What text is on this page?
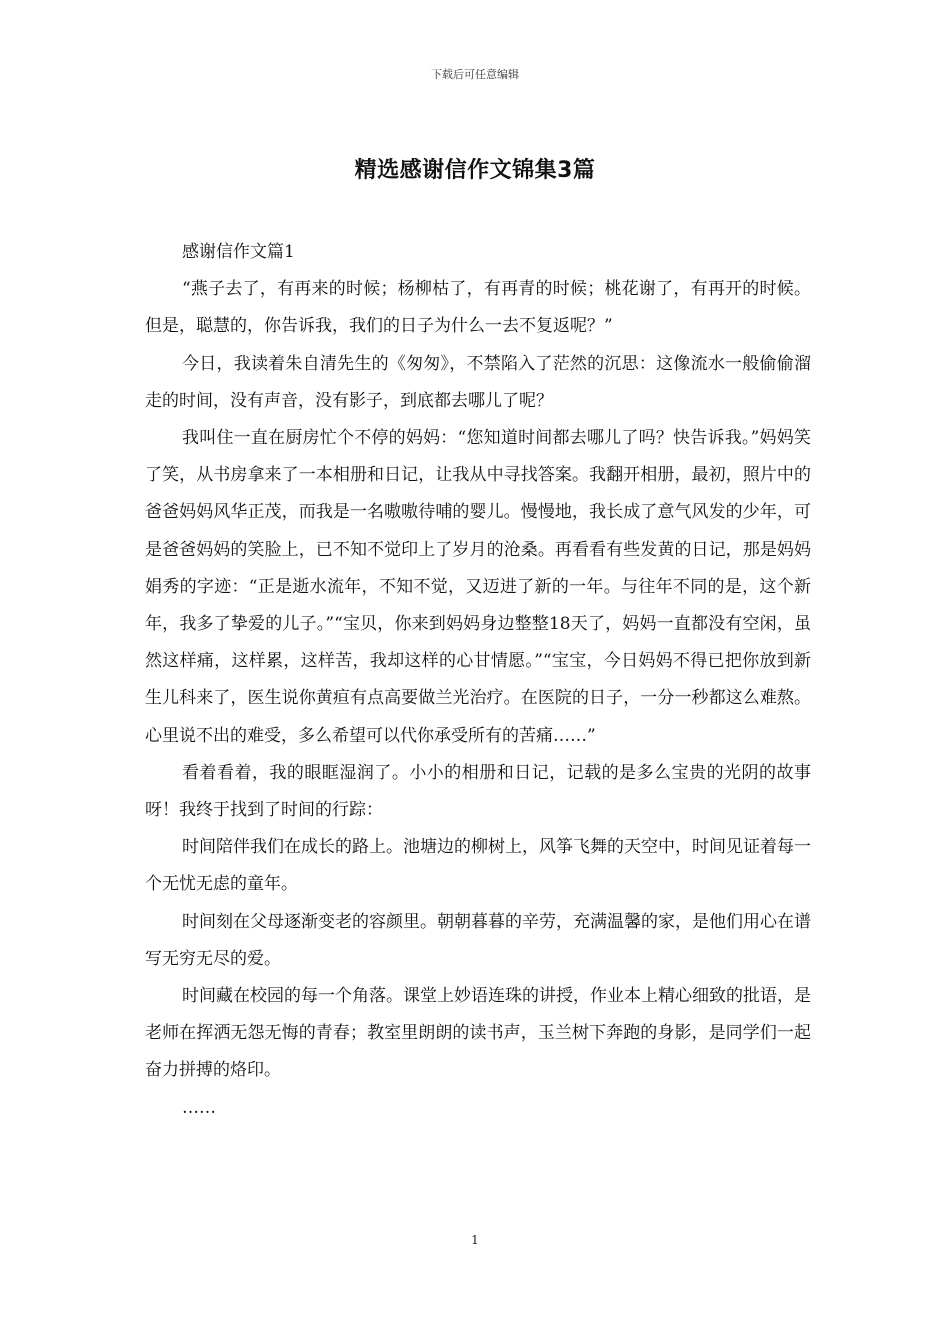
下载后可任意编辑
精选感谢信作文锦集3篇

感谢信作文篇1

“燕子去了，有再来的时候；杨柳枯了，有再青的时候；桃花谢了，有再开的时候。但是，聪慧的，你告诉我，我们的日子为什么一去不复返呢？”

今日，我读着朱自清先生的《匆匆》，不禁陷入了茫然的沉思：这像流水一般偷偷溜走的时间，没有声音，没有影子，到底都去哪儿了呢？

我叫住一直在厨房忙个不停的妈妈：“您知道时间都去哪儿了吗？快告诉我。”妈妈笑了笑，从书房拿来了一本相册和日记，让我从中寻找答案。我翻开相册，最初，照片中的爸爸妈妈风华正茂，而我是一名嗷嗷待哺的婴儿。慢慢地，我长成了意气风发的少年，可是爸爸妈妈的笑脸上，已不知不觉印上了岁月的沧桑。再看看有些发黄的日记，那是妈妈娟秀的字迹：“正是逝水流年，不知不觉，又迈进了新的一年。与往年不同的是，这个新年，我多了挚爱的儿子。”“宝贝，你来到妈妈身边整整18天了，妈妈一直都没有空闲，虽然这样痛，这样累，这样苦，我却这样的心甘情愿。”“宝宝，今日妈妈不得已把你放到新生儿科来了，医生说你黄疸有点高要做兰光治疗。在医院的日子，一分一秒都这么难熬。心里说不出的难受，多么希望可以代你承受所有的苦痛……”

看着看着，我的眼眶湿润了。小小的相册和日记，记载的是多么宝贵的光阴的故事呀！我终于找到了时间的行踪：

时间陪伴我们在成长的路上。池塘边的柳树上，风筝飞舞的天空中，时间见证着每一个无忧无虑的童年。

时间刻在父母逐渐变老的容颜里。朝朝暮暮的辛劳，充满温馨的家，是他们用心在谱写无穷无尽的爱。

时间藏在校园的每一个角落。课堂上妙语连珠的讲授，作业本上精心细致的批语，是老师在挥洒无怨无悔的青春；教室里朗朗的读书声，玉兰树下奔跑的身影，是同学们一起奋力拼搏的烙印。

……

1
